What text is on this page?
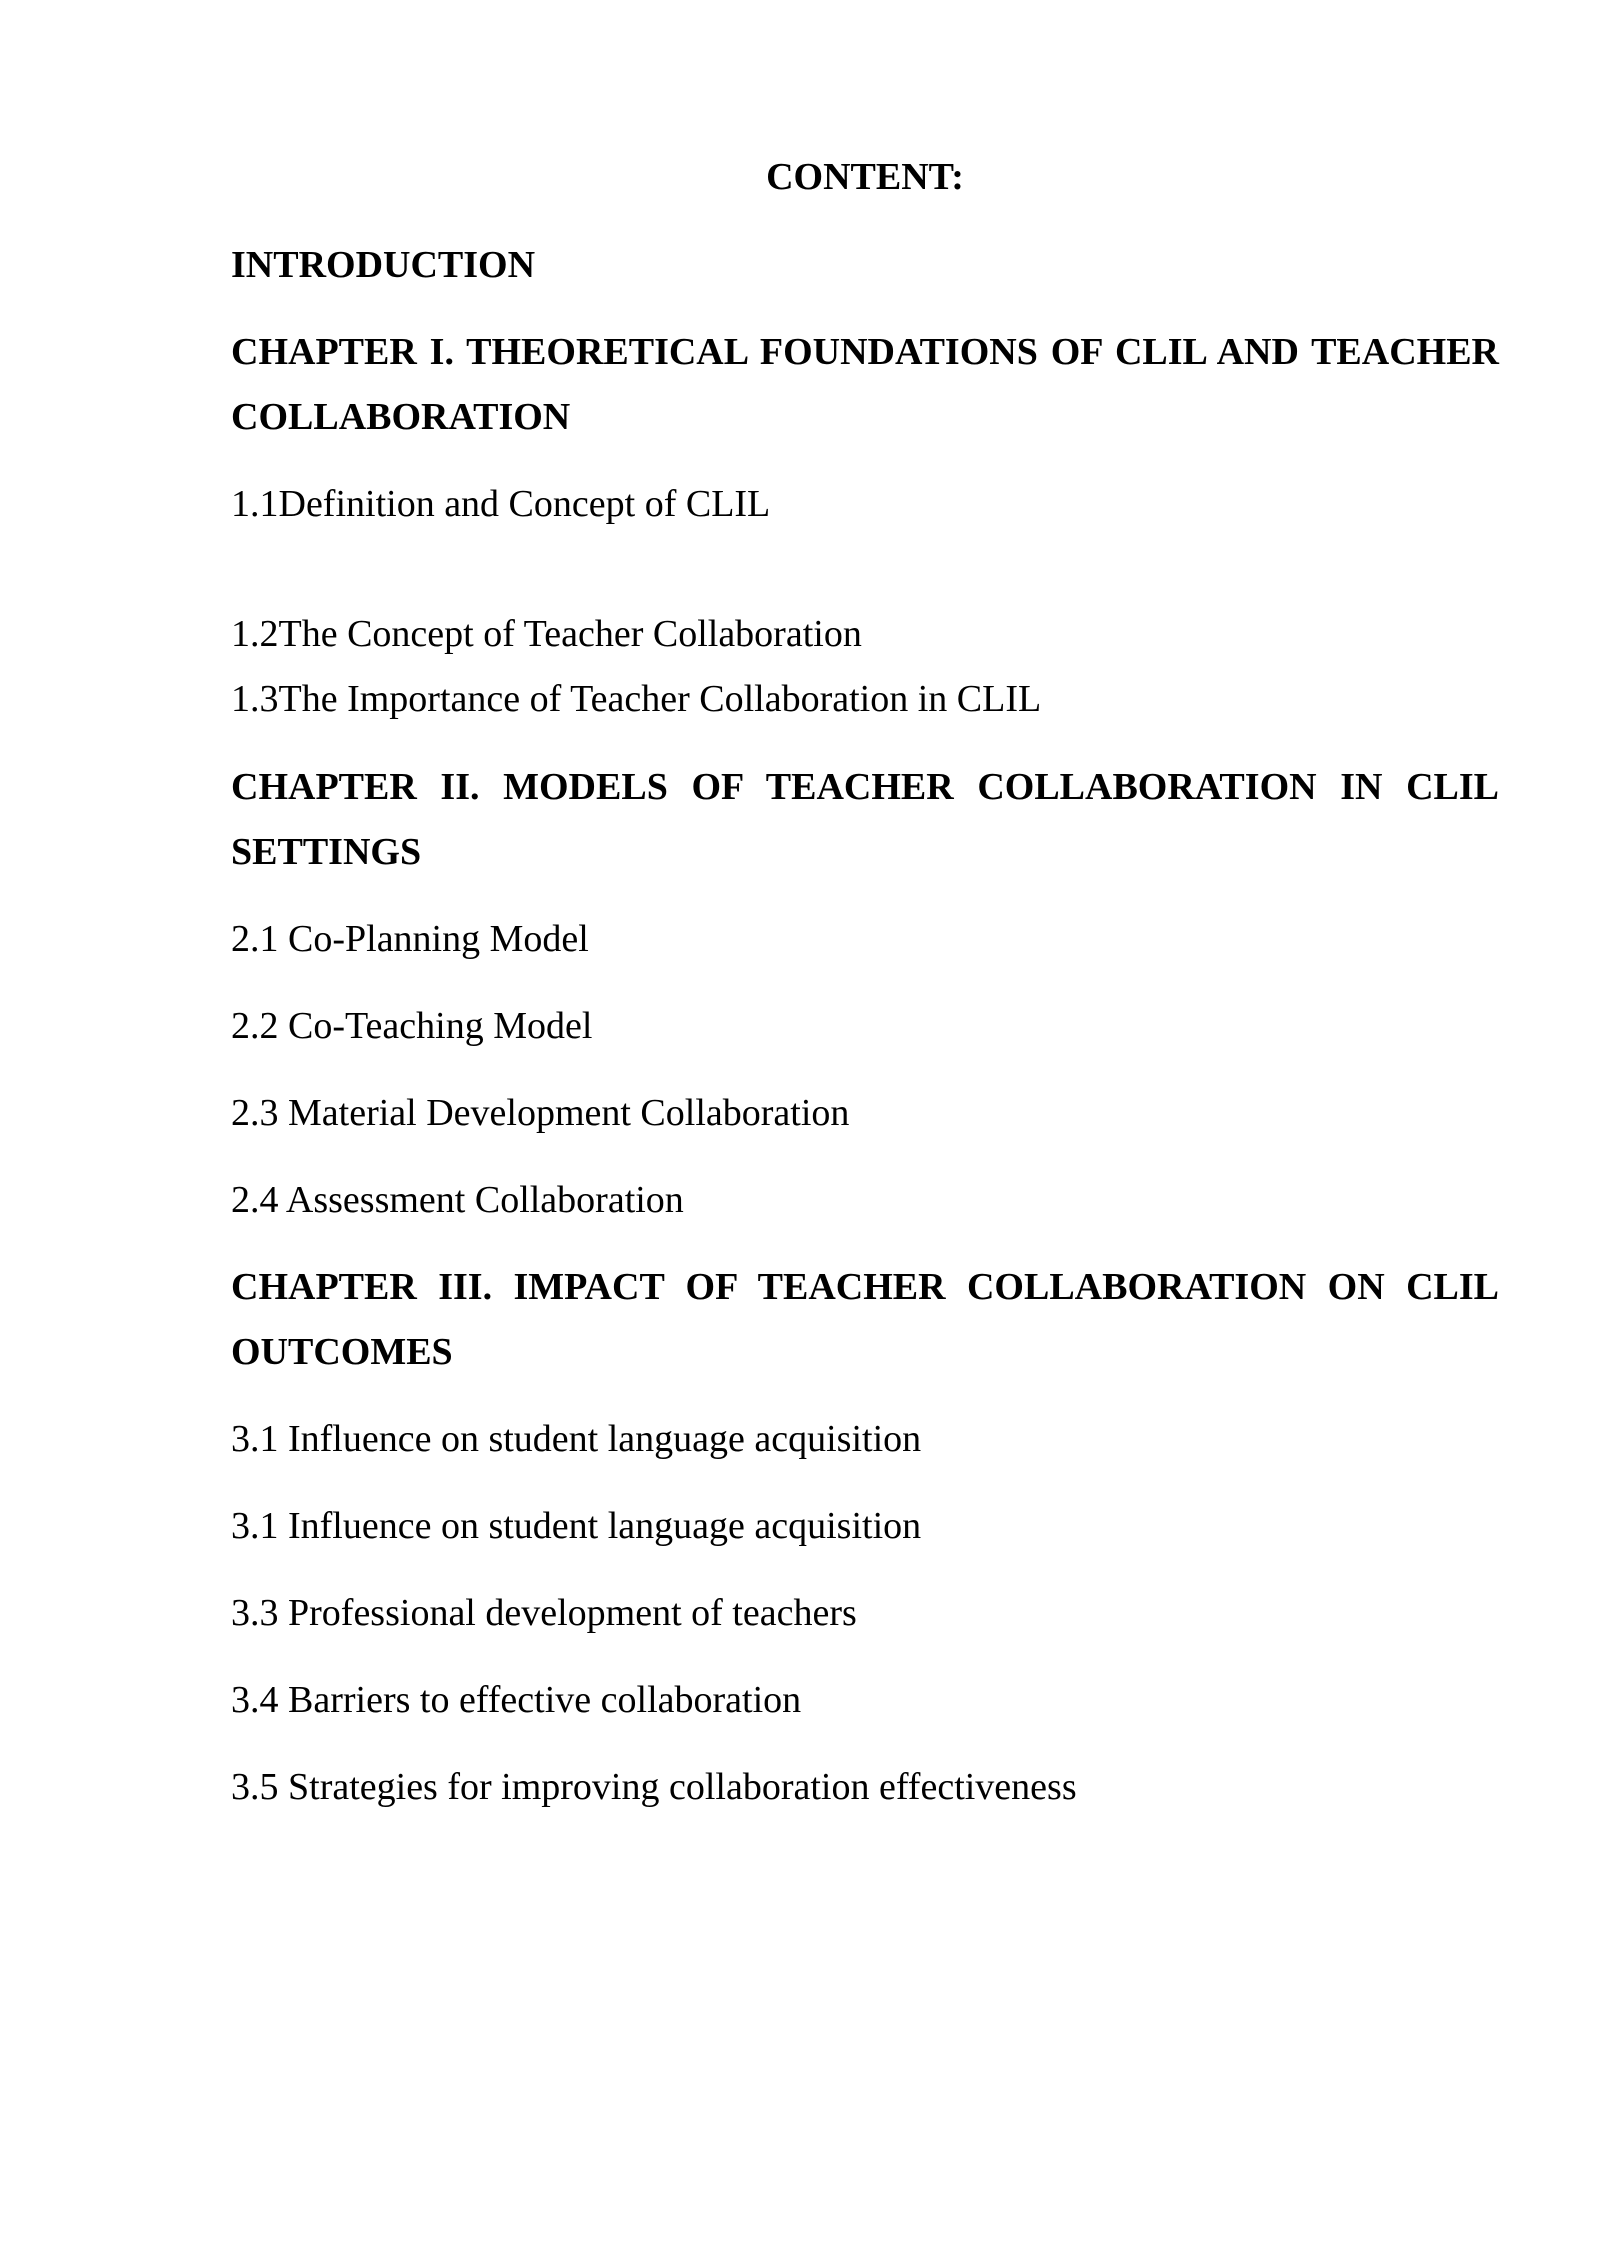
CONTENT:
INTRODUCTION
CHAPTER I. THEORETICAL FOUNDATIONS OF CLIL AND TEACHER
COLLABORATION
1.1Definition and Concept of CLIL
1.2The Concept of Teacher Collaboration
1.3The Importance of Teacher Collaboration in CLIL
CHAPTER II. MODELS OF TEACHER COLLABORATION IN CLIL
SETTINGS
2.1 Co-Planning Model
2.2 Co-Teaching Model
2.3 Material Development Collaboration
2.4 Assessment Collaboration
CHAPTER III. IMPACT OF TEACHER COLLABORATION ON CLIL
OUTCOMES
3.1 Influence on student language acquisition
3.1 Influence on student language acquisition
3.3 Professional development of teachers
3.4 Barriers to effective collaboration
3.5 Strategies for improving collaboration effectiveness
